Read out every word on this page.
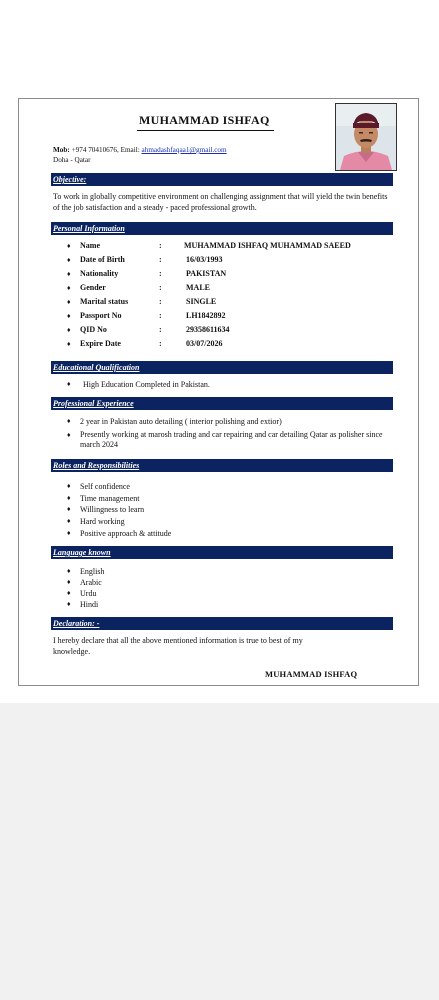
MUHAMMAD ISHFAQ
Mob: +974 70410676, Email: ahmadashfaqaa1@gmail.com
Doha - Qatar
Objective:
To work in globally competitive environment on challenging assignment that will yield the twin benefits of the job satisfaction and a steady - paced professional growth.
Personal Information
♦ Name	:	MUHAMMAD ISHFAQ MUHAMMAD SAEED
♦ Date of Birth	:	16/03/1993
♦ Nationality	:	PAKISTAN
♦ Gender	:	MALE
♦ Marital status	:	SINGLE
♦ Passport No	:	LH1842892
♦ QID No	:	29358611634
♦ Expire Date	:	03/07/2026
Educational Qualification
♦ High Education Completed in Pakistan.
Professional Experience
♦ 2 year in Pakistan auto detailing ( interior polishing and extior)
♦ Presently working at marosh trading and car repairing and car detailing Qatar as polisher since march 2024
Roles and Responsibilities
♦ Self confidence
♦ Time management
♦ Willingness to learn
♦ Hard working
♦ Positive approach & attitude
Language known
♦ English
♦ Arabic
♦ Urdu
♦ Hindi
Declaration: -
I hereby declare that all the above mentioned information is true to best of my knowledge.
MUHAMMAD ISHFAQ
